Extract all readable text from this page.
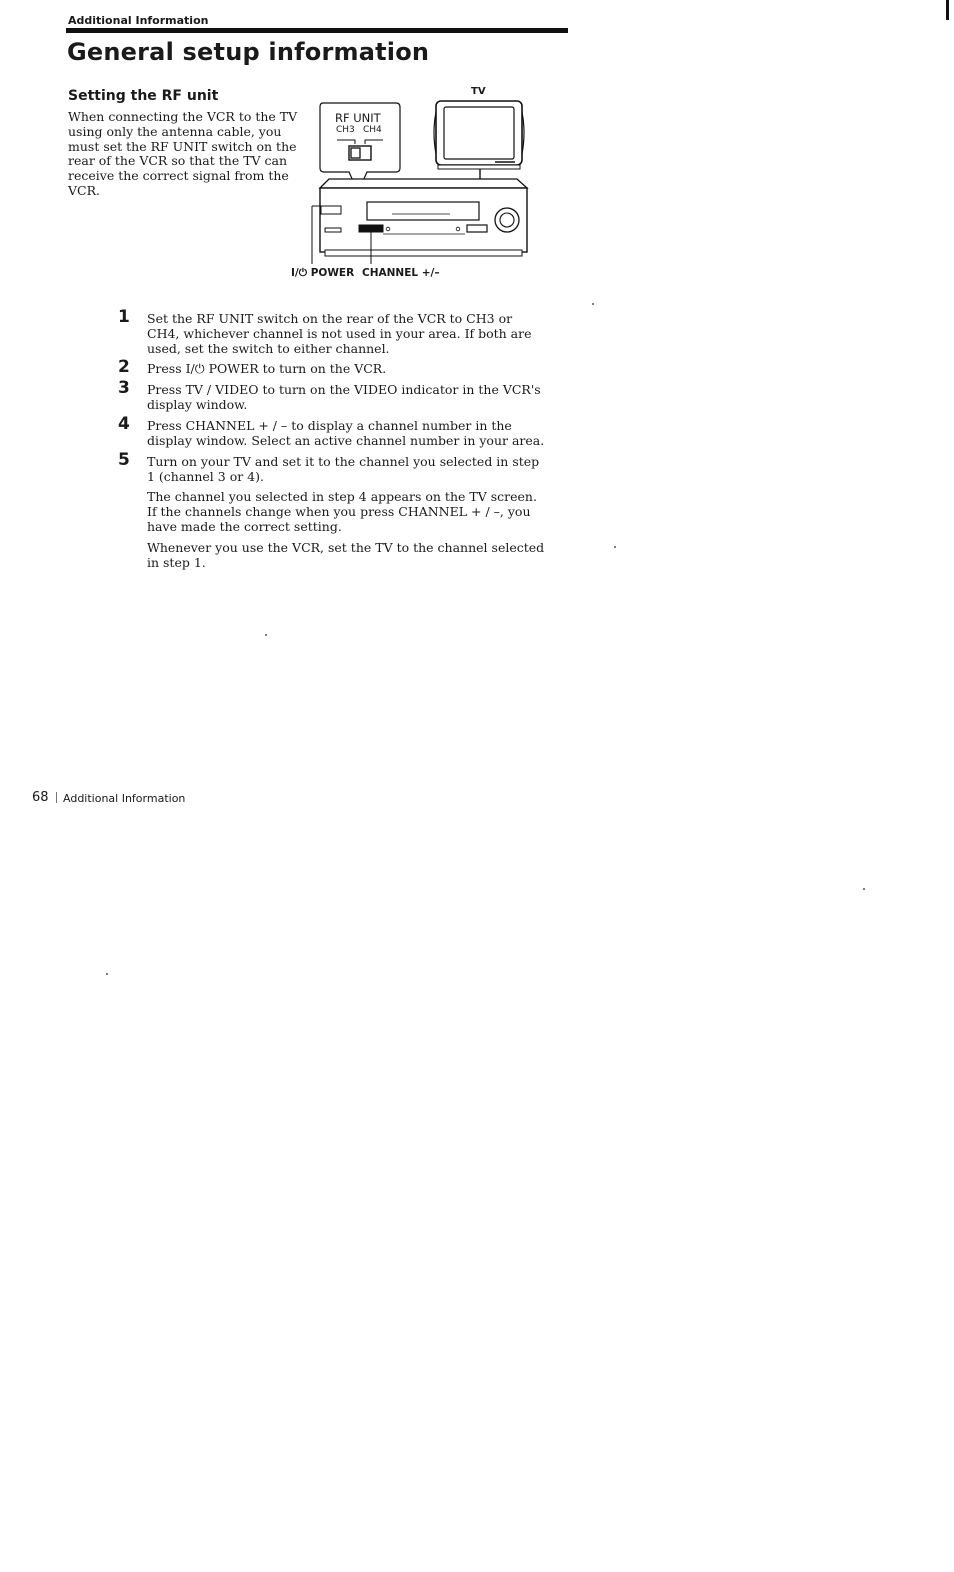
Additional Information
General setup information
Setting the RF unit
When connecting the VCR to the TV using only the antenna cable, you must set the RF UNIT switch on the rear of the VCR so that the TV can receive the correct signal from the VCR.
TV
RF UNIT
CH3 CH4
I/⏻ POWER CHANNEL +/–
1 Set the RF UNIT switch on the rear of the VCR to CH3 or CH4, whichever channel is not used in your area. If both are used, set the switch to either channel.
2 Press I/⏻ POWER to turn on the VCR.
3 Press TV / VIDEO to turn on the VIDEO indicator in the VCR's display window.
4 Press CHANNEL + / – to display a channel number in the display window. Select an active channel number in your area.
5 Turn on your TV and set it to the channel you selected in step 1 (channel 3 or 4).
The channel you selected in step 4 appears on the TV screen. If the channels change when you press CHANNEL + / –, you have made the correct setting.
Whenever you use the VCR, set the TV to the channel selected in step 1.
68 Additional Information
